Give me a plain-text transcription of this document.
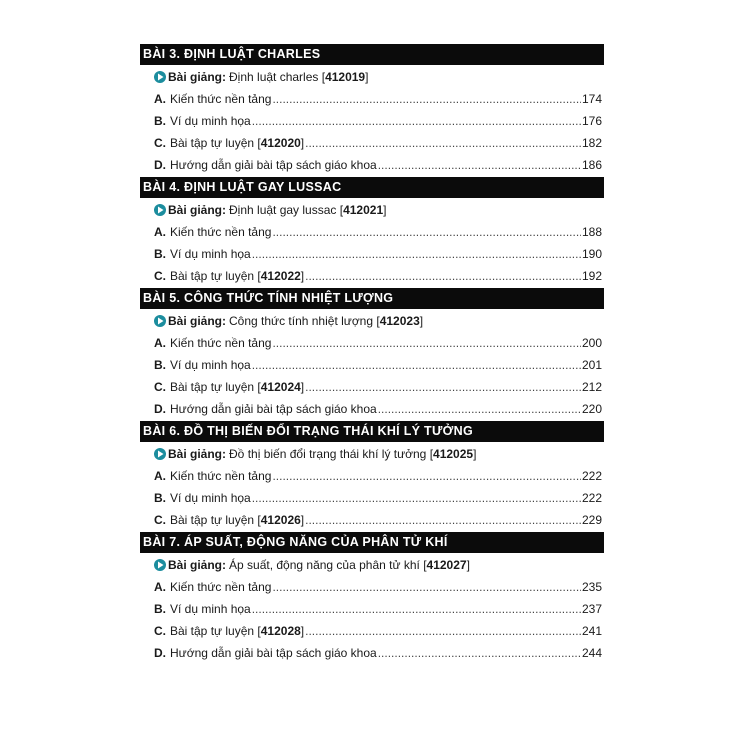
BÀI 3. ĐỊNH LUẬT CHARLES
Bài giảng: Định luật charles [ 412019 ]
A. Kiến thức nền tảng .....	174
B. Ví dụ minh họa .....	176
C. Bài tập tự luyện [ 412020 ] .....	182
D. Hướng dẫn giải bài tập sách giáo khoa .....	186
BÀI 4. ĐỊNH LUẬT GAY LUSSAC
Bài giảng: Định luật gay lussac [ 412021 ]
A. Kiến thức nền tảng .....	188
B. Ví dụ minh họa .....	190
C. Bài tập tự luyện [ 412022 ] .....	192
BÀI 5. CÔNG THỨC TÍNH NHIỆT LƯỢNG
Bài giảng: Công thức tính nhiệt lượng [ 412023 ]
A. Kiến thức nền tảng .....	200
B. Ví dụ minh họa .....	201
C. Bài tập tự luyện [ 412024 ] .....	212
D. Hướng dẫn giải bài tập sách giáo khoa .....	220
BÀI 6. ĐỒ THỊ BIẾN ĐỔI TRẠNG THÁI KHÍ LÝ TƯỞNG
Bài giảng: Đồ thị biến đổi trạng thái khí lý tưởng [ 412025 ]
A. Kiến thức nền tảng .....	222
B. Ví dụ minh họa .....	222
C. Bài tập tự luyện [ 412026 ] .....	229
BÀI 7. ÁP SUẤT, ĐỘNG NĂNG CỦA PHÂN TỬ KHÍ
Bài giảng: Áp suất, động năng của phân tử khí [ 412027 ]
A. Kiến thức nền tảng .....	235
B. Ví dụ minh họa .....	237
C. Bài tập tự luyện [ 412028 ] .....	241
D. Hướng dẫn giải bài tập sách giáo khoa .....	244
